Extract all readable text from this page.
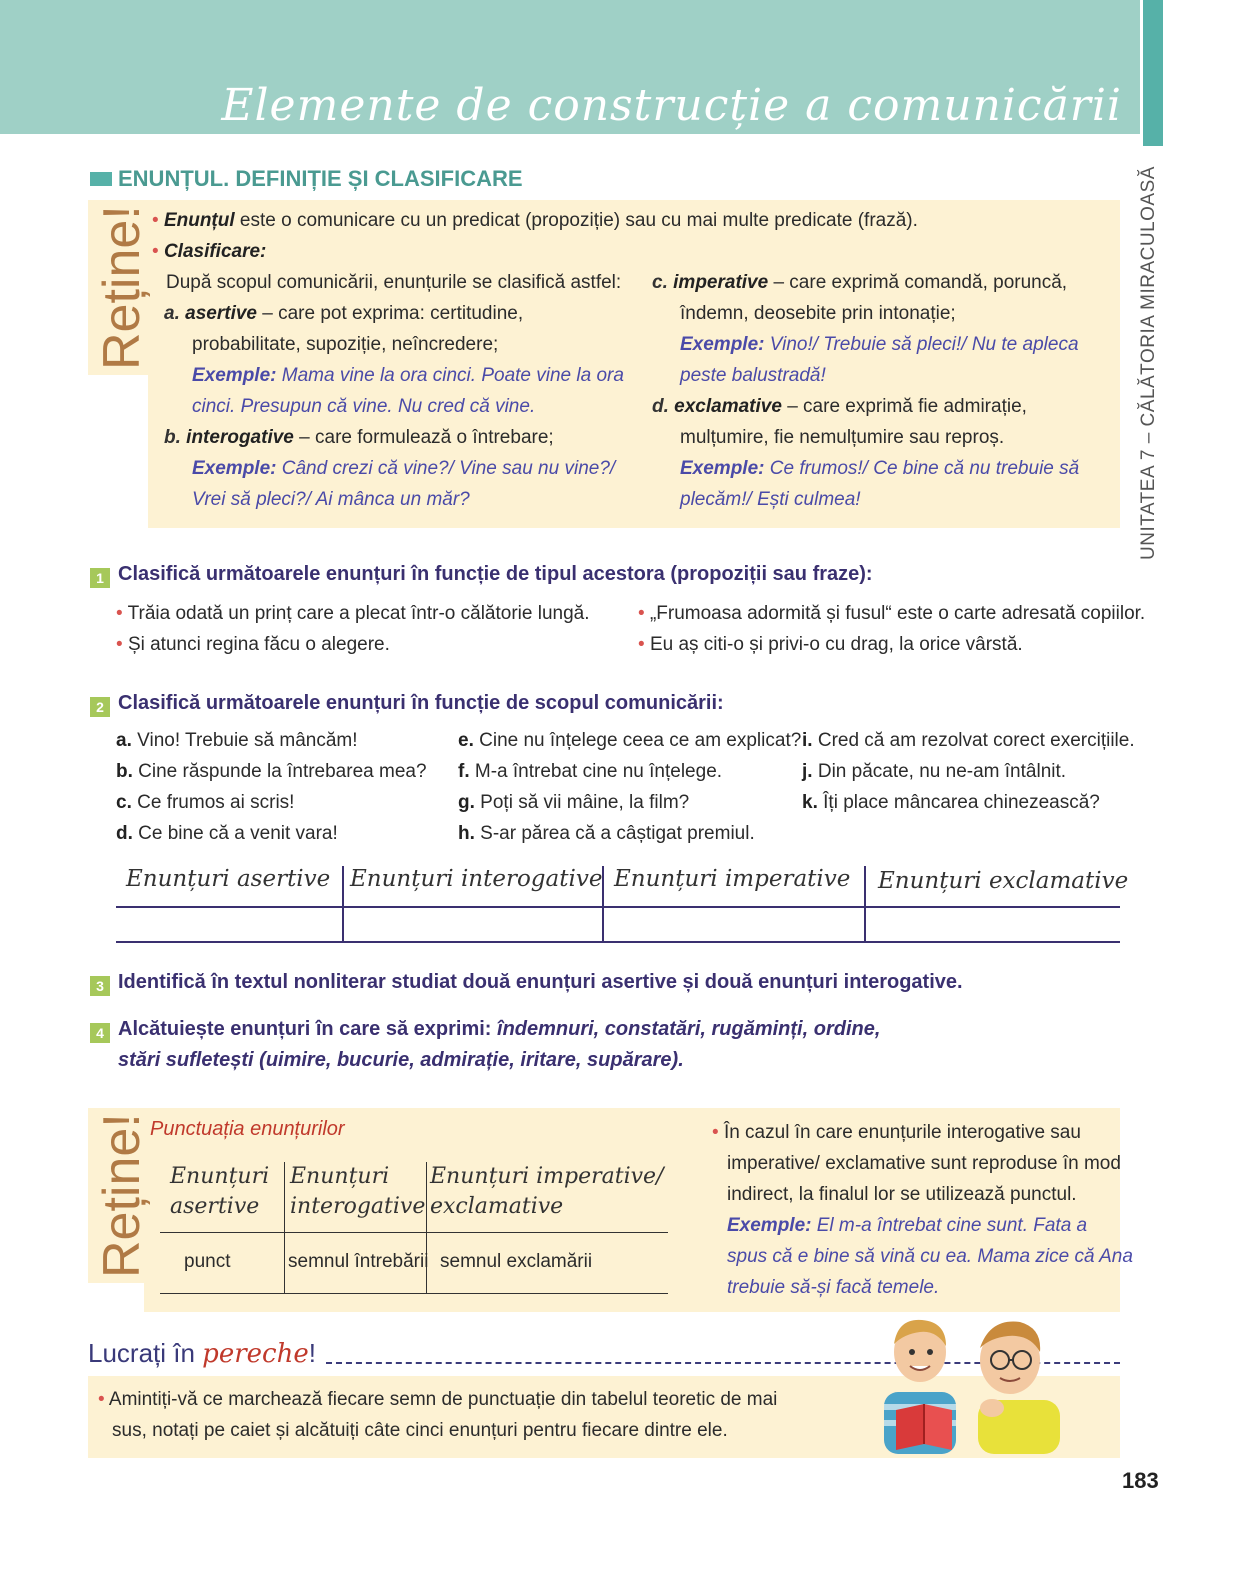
Elemente de construcție a comunicării
UNITATEA 7 – CĂLĂTORIA MIRACULOASĂ
ENUNȚUL. DEFINIȚIE ȘI CLASIFICARE
Reține! • Enunțul este o comunicare cu un predicat (propoziție) sau cu mai multe predicate (frază).
• Clasificare:
După scopul comunicării, enunțurile se clasifică astfel:
a. asertive – care pot exprima: certitudine,
probabilitate, supoziție, neîncredere;
Exemple: Mama vine la ora cinci. Poate vine la ora
cinci. Presupun că vine. Nu cred că vine.
b. interogative – care formulează o întrebare;
Exemple: Când crezi că vine?/ Vine sau nu vine?/
Vrei să pleci?/ Ai mânca un măr?
c. imperative – care exprimă comandă, poruncă,
îndemn, deosebite prin intonație;
Exemple: Vino!/ Trebuie să pleci!/ Nu te apleca
peste balustradă!
d. exclamative – care exprimă fie admirație,
mulțumire, fie nemulțumire sau reproș.
Exemple: Ce frumos!/ Ce bine că nu trebuie să
plecăm!/ Ești culmea!
1 Clasifică următoarele enunțuri în funcție de tipul acestora (propoziții sau fraze):
• Trăia odată un prinț care a plecat într-o călătorie lungă.
• Și atunci regina făcu o alegere.
• „Frumoasa adormită și fusul“ este o carte adresată copiilor.
• Eu aș citi-o și privi-o cu drag, la orice vârstă.
2 Clasifică următoarele enunțuri în funcție de scopul comunicării:
a. Vino! Trebuie să mâncăm!
b. Cine răspunde la întrebarea mea?
c. Ce frumos ai scris!
d. Ce bine că a venit vara!
e. Cine nu înțelege ceea ce am explicat?
f. M-a întrebat cine nu înțelege.
g. Poți să vii mâine, la film?
h. S-ar părea că a câștigat premiul.
i. Cred că am rezolvat corect exercițiile.
j. Din păcate, nu ne-am întâlnit.
k. Îți place mâncarea chinezească?
Enunțuri asertive Enunțuri interogative Enunțuri imperative Enunțuri exclamative
3 Identifică în textul nonliterar studiat două enunțuri asertive și două enunțuri interogative.
4 Alcătuiește enunțuri în care să exprimi: îndemnuri, constatări, rugăminți, ordine,
stări sufletești (uimire, bucurie, admirație, iritare, supărare).
Reține! Punctuația enunțurilor
Enunțuri
asertive
Enunțuri
interogative
Enunțuri imperative/
exclamative
punct	semnul întrebării semnul exclamării
• În cazul în care enunțurile interogative sau
imperative/ exclamative sunt reproduse în mod
indirect, la finalul lor se utilizează punctul.
Exemple: El m-a întrebat cine sunt. Fata a
spus că e bine să vină cu ea. Mama zice că Ana
trebuie să-și facă temele.
Lucrați în pereche!
• Amintiți-vă ce marchează fiecare semn de punctuație din tabelul teoretic de mai
sus, notați pe caiet și alcătuiți câte cinci enunțuri pentru fiecare dintre ele.
183
